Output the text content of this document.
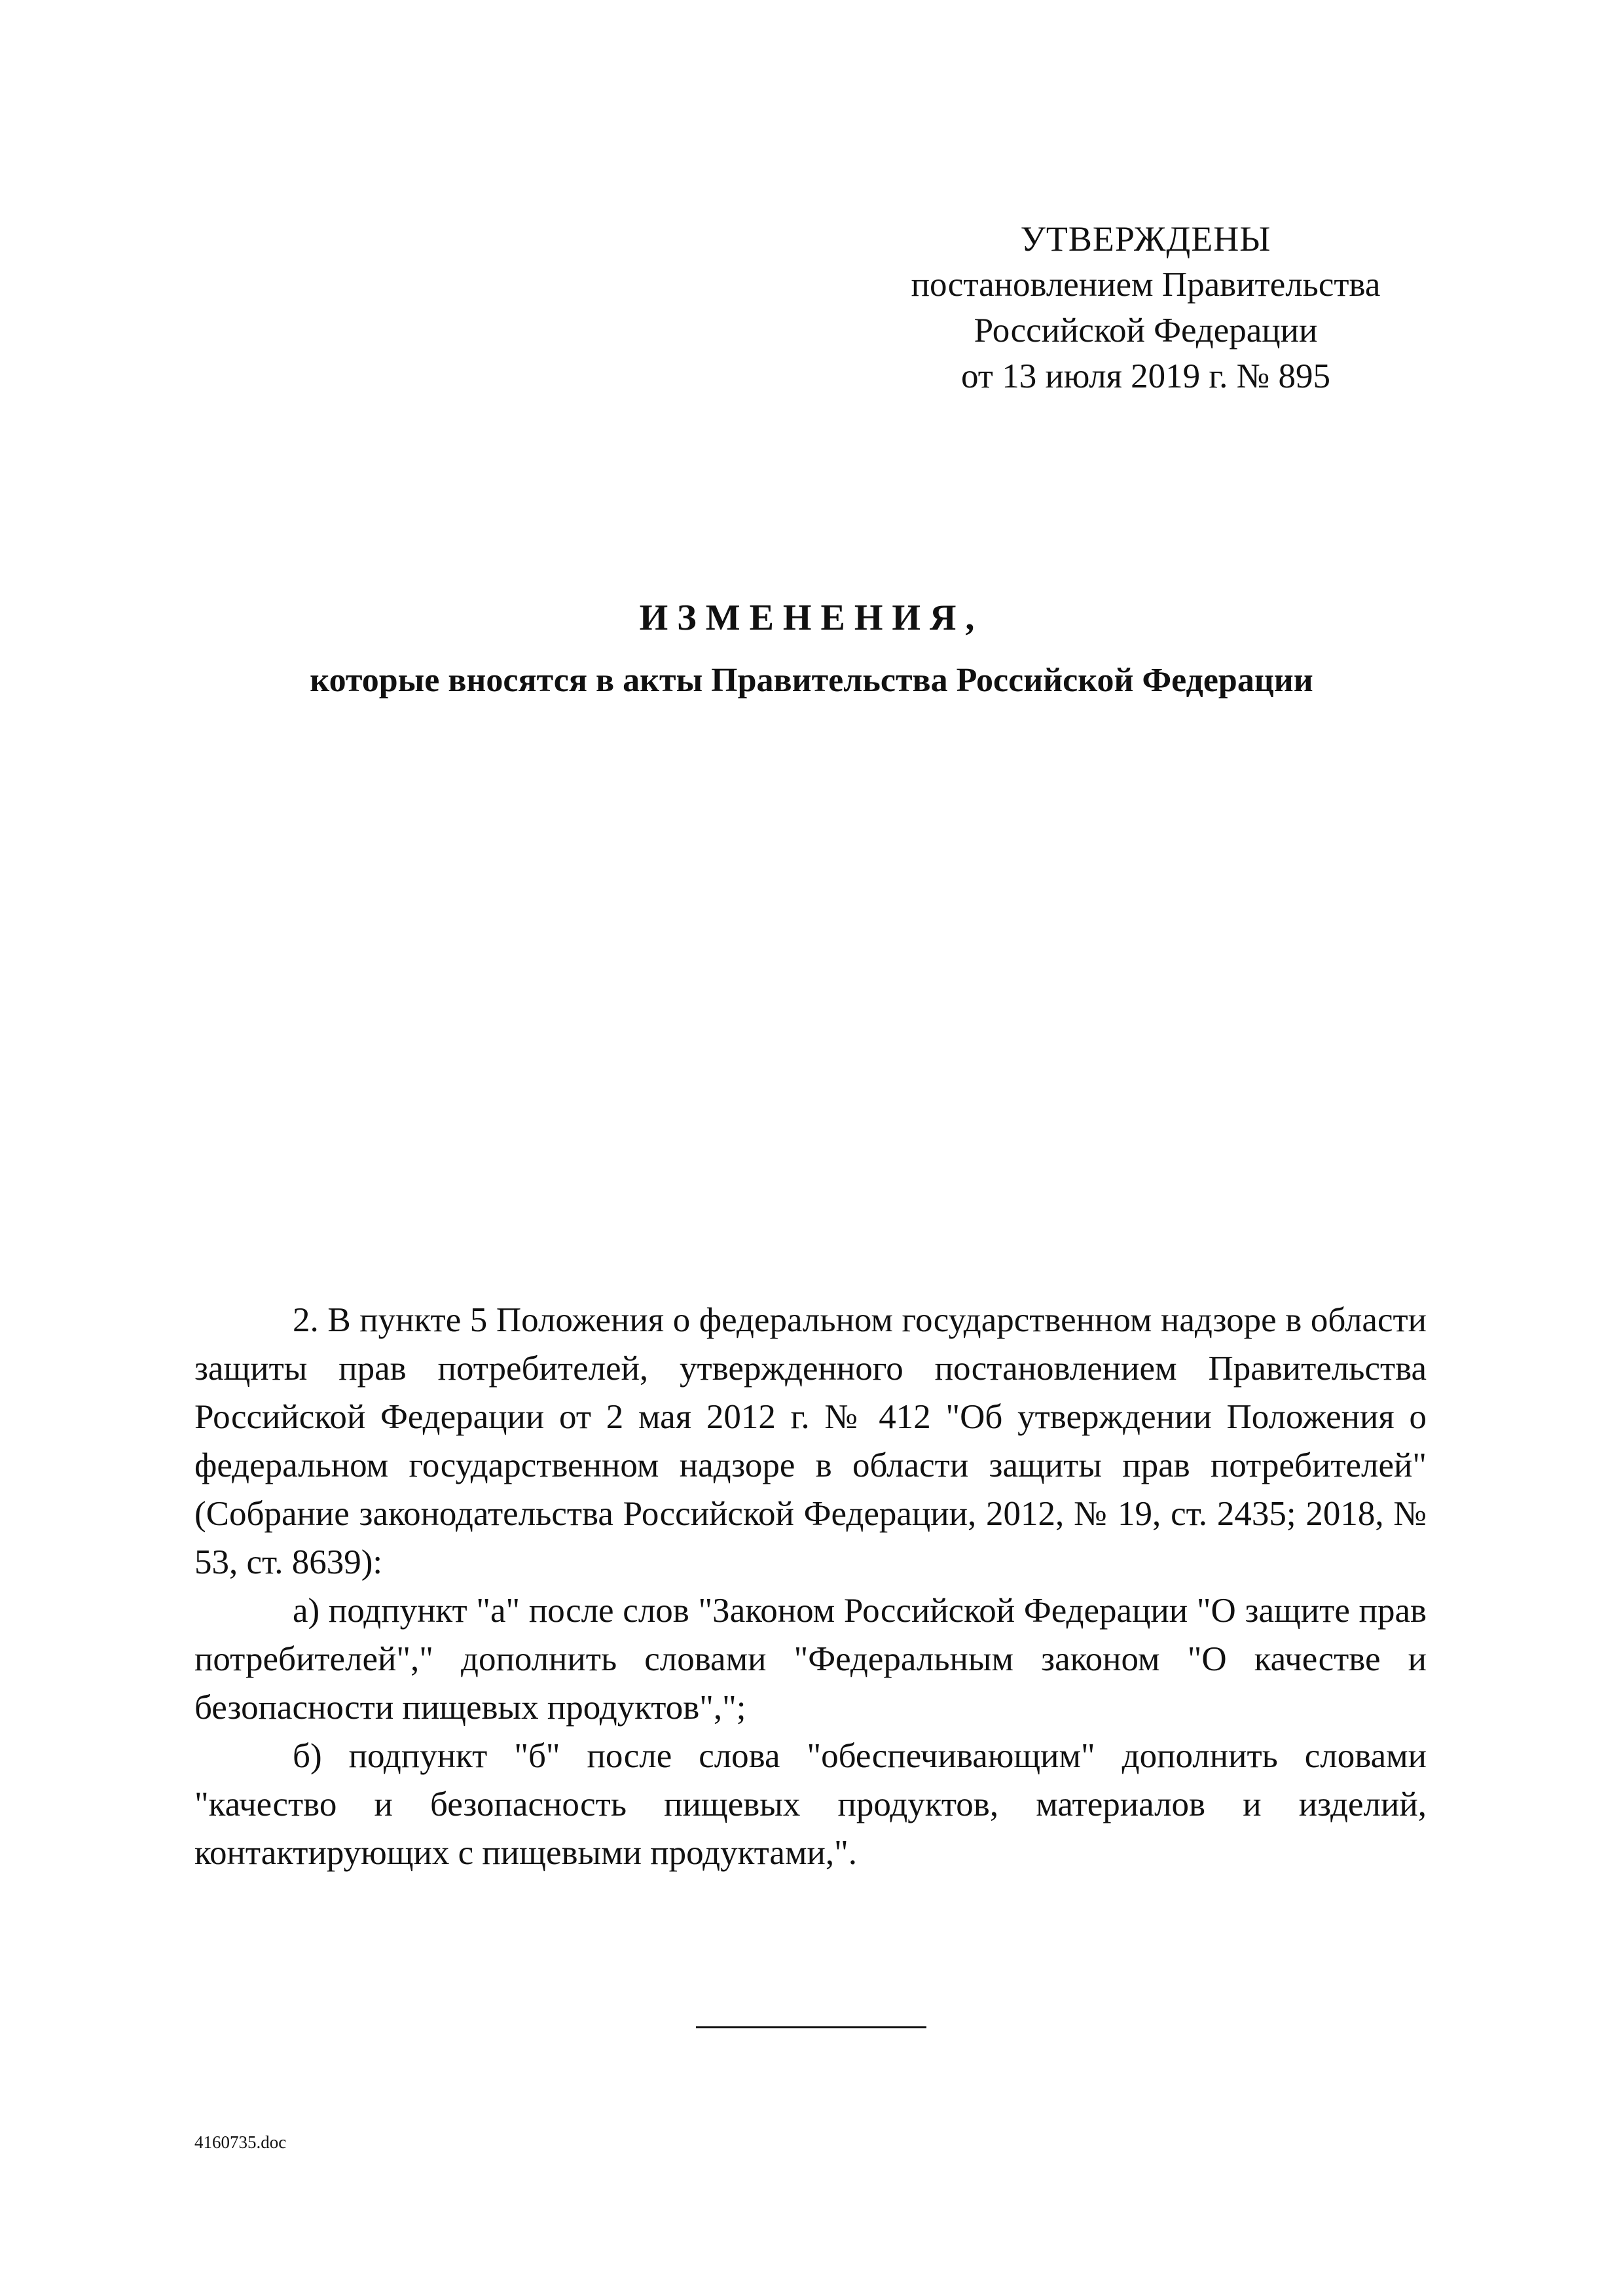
УТВЕРЖДЕНЫ
постановлением Правительства
Российской Федерации
от 13 июля 2019 г. № 895
ИЗМЕНЕНИЯ,
которые вносятся в акты Правительства Российской Федерации

2. В пункте 5 Положения о федеральном государственном надзоре в области защиты прав потребителей, утвержденного постановлением Правительства Российской Федерации от 2 мая 2012 г. № 412 "Об утверждении Положения о федеральном государственном надзоре в области защиты прав потребителей" (Собрание законодательства Российской Федерации, 2012, № 19, ст. 2435; 2018, № 53, ст. 8639):

а) подпункт "а" после слов "Законом Российской Федерации "О защите прав потребителей"," дополнить словами "Федеральным законом "О качестве и безопасности пищевых продуктов",";

б) подпункт "б" после слова "обеспечивающим" дополнить словами "качество и безопасность пищевых продуктов, материалов и изделий, контактирующих с пищевыми продуктами,".

4160735.doc
